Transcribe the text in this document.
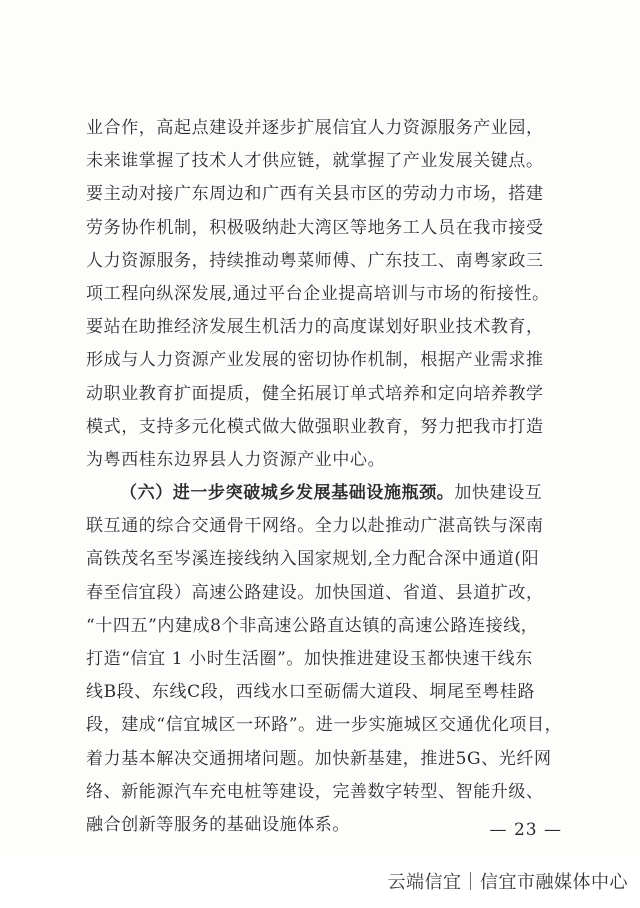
业合作，高起点建设并逐步扩展信宜人力资源服务产业园，
未来谁掌握了技术人才供应链，就掌握了产业发展关键点。
要主动对接广东周边和广西有关县市区的劳动力市场，搭建
劳务协作机制，积极吸纳赴大湾区等地务工人员在我市接受
人力资源服务，持续推动粤菜师傅、广东技工、南粤家政三
项工程向纵深发展,通过平台企业提高培训与市场的衔接性。
要站在助推经济发展生机活力的高度谋划好职业技术教育，
形成与人力资源产业发展的密切协作机制，根据产业需求推
动职业教育扩面提质，健全拓展订单式培养和定向培养教学
模式，支持多元化模式做大做强职业教育，努力把我市打造
为粤西桂东边界县人力资源产业中心。
（六）进一步突破城乡发展基础设施瓶颈。加快建设互
联互通的综合交通骨干网络。全力以赴推动广湛高铁与深南
高铁茂名至岑溪连接线纳入国家规划,全力配合深中通道(阳
春至信宜段）高速公路建设。加快国道、省道、县道扩改，
“十四五”内建成8个非高速公路直达镇的高速公路连接线，
打造“信宜 1 小时生活圈”。加快推进建设玉都快速干线东
线B段、东线C段，西线水口至砺儒大道段、垌尾至粤桂路
段，建成“信宜城区一环路”。进一步实施城区交通优化项目，
着力基本解决交通拥堵问题。加快新基建，推进5G、光纤网
络、新能源汽车充电桩等建设，完善数字转型、智能升级、
融合创新等服务的基础设施体系。	— 23 —
云端信宜｜信宜市融媒体中心
